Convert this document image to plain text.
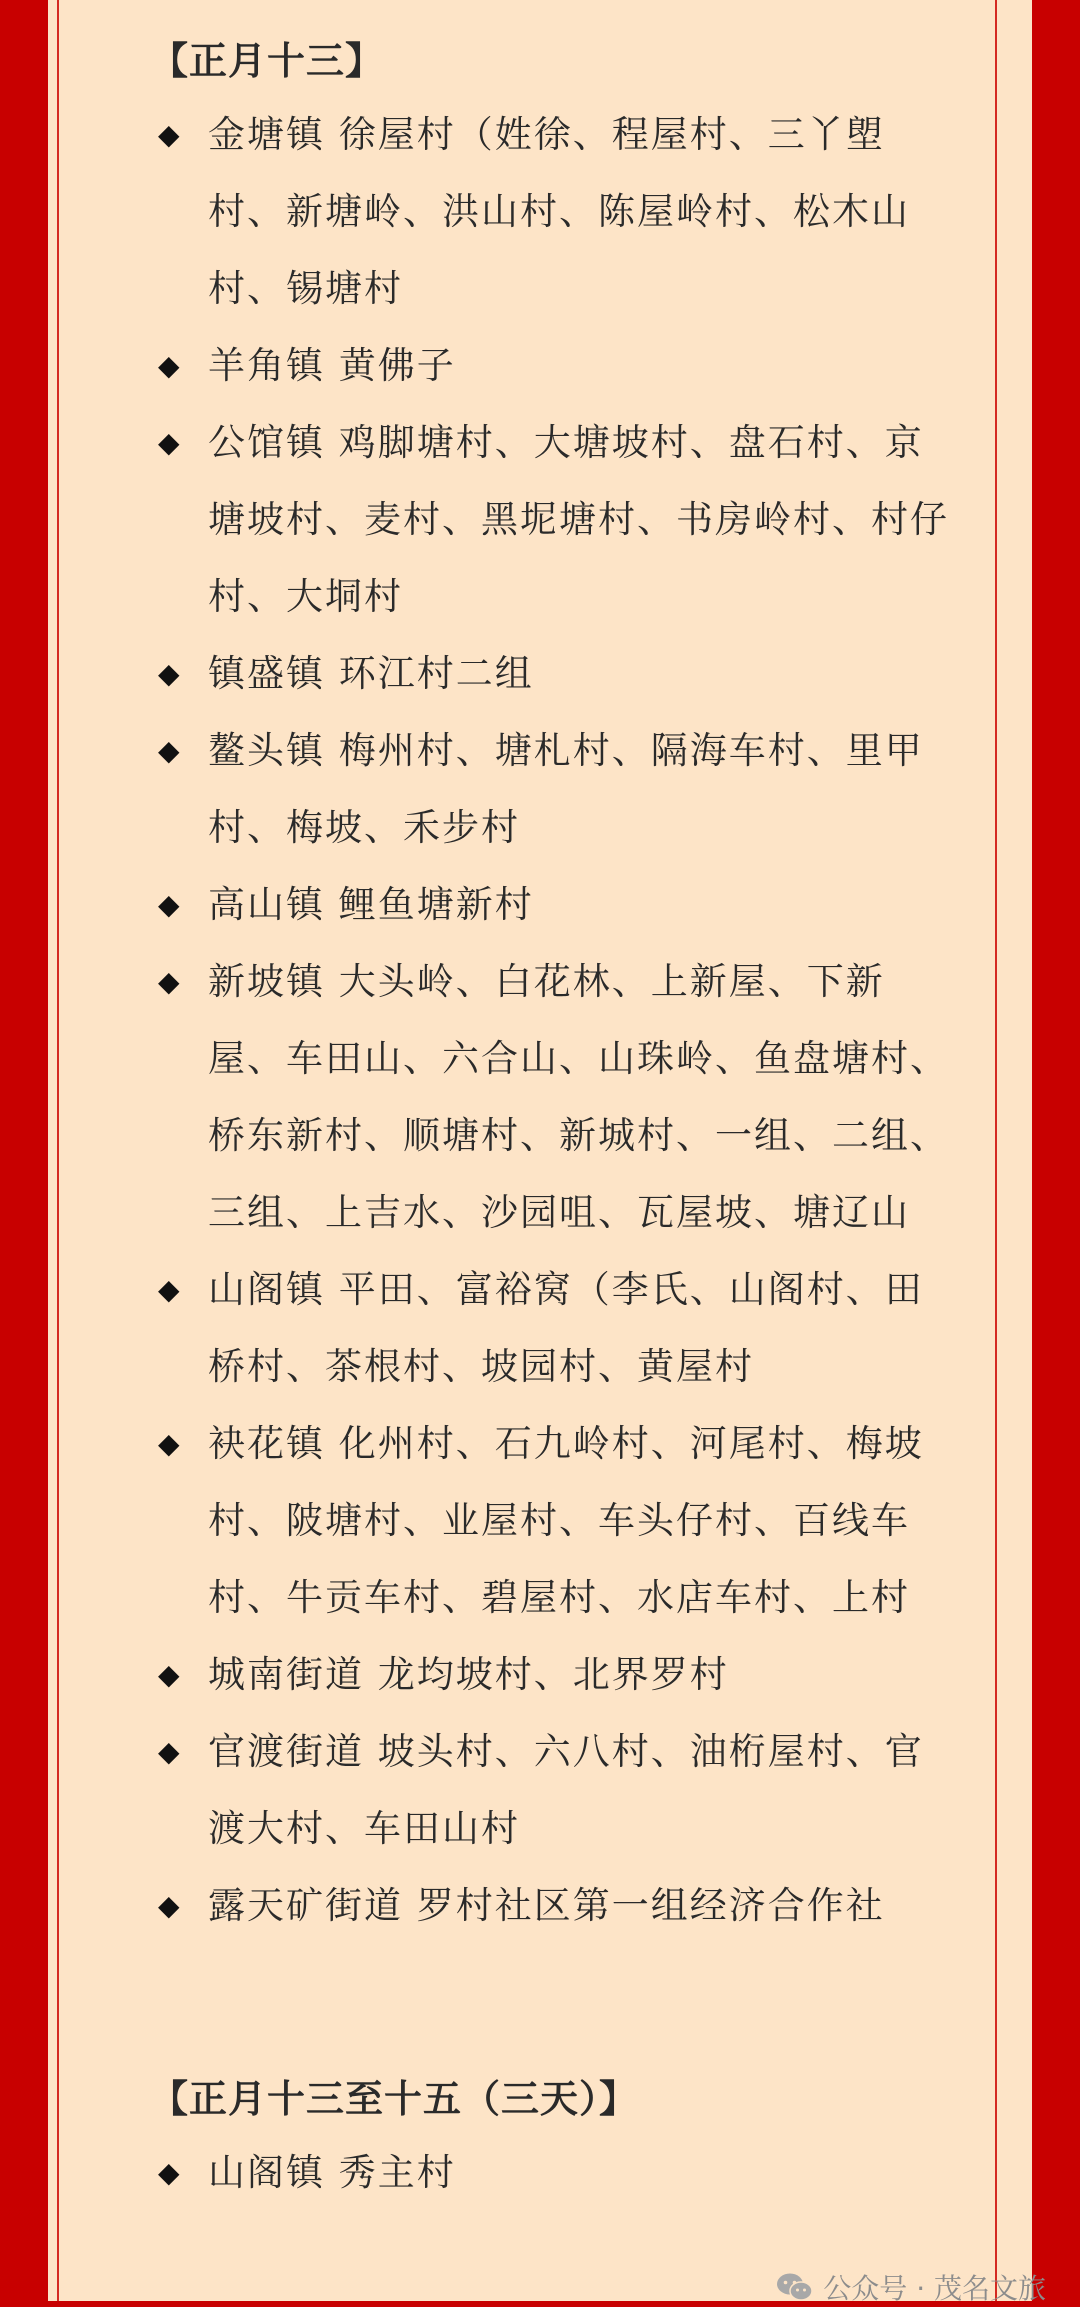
【正月十三】
◆ 金塘镇 徐屋村（姓徐、程屋村、三丫塱村、新塘岭、洪山村、陈屋岭村、松木山村、锡塘村
◆ 羊角镇 黄佛子
◆ 公馆镇 鸡脚塘村、大塘坡村、盘石村、京塘坡村、麦村、黑坭塘村、书房岭村、村仔村、大垌村
◆ 镇盛镇 环江村二组
◆ 鳌头镇 梅州村、塘札村、隔海车村、里甲村、梅坡、禾步村
◆ 高山镇 鲤鱼塘新村
◆ 新坡镇 大头岭、白花林、上新屋、下新屋、车田山、六合山、山珠岭、鱼盘塘村、桥东新村、顺塘村、新城村、一组、二组、三组、上吉水、沙园咀、瓦屋坡、塘辽山
◆ 山阁镇 平田、富裕窝（李氏、山阁村、田桥村、茶根村、坡园村、黄屋村
◆ 袂花镇 化州村、石九岭村、河尾村、梅坡村、陂塘村、业屋村、车头仔村、百线车村、牛贡车村、碧屋村、水店车村、上村
◆ 城南街道 龙均坡村、北界罗村
◆ 官渡街道 坡头村、六八村、油桁屋村、官渡大村、车田山村
◆ 露天矿街道 罗村社区第一组经济合作社
【正月十三至十五（三天）】
◆ 山阁镇 秀主村
公众号 · 茂名文旅
